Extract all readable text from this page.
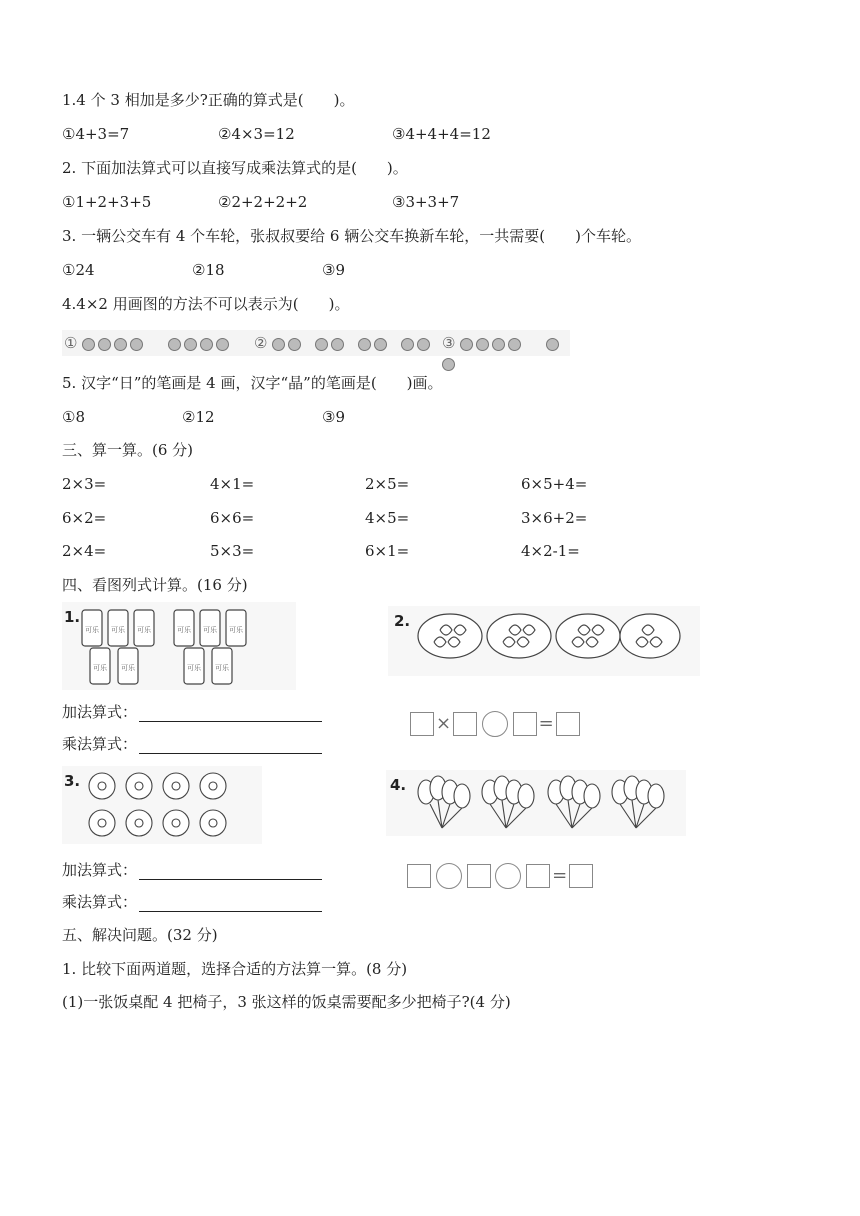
1.4 个 3 相加是多少?正确的算式是(　　)。
①4+3=7	②4×3=12	③4+4+4=12
2. 下面加法算式可以直接写成乘法算式的是(　　)。
①1+2+3+5	②2+2+2+2	③3+3+7
3. 一辆公交车有 4 个车轮，张叔叔要给 6 辆公交车换新车轮，一共需要(　　)个车轮。
①24	②18	③9
4.4×2 用画图的方法不可以表示为(　　)。
①	②	③
5. 汉字“日”的笔画是 4 画，汉字“晶”的笔画是(　　)画。
①8	②12	③9
三、算一算。(6 分)
2×3=	4×1=	2×5=	6×5+4=
6×2=	6×6=	4×5=	3×6+2=
2×4=	5×3=	6×1=	4×2-1=
四、看图列式计算。(16 分)
1.
可乐 可乐 可乐	可乐 可乐 可乐
可乐 可乐	可乐 可乐
加法算式：
乘法算式：
2.
×	=
3.
加法算式：
乘法算式：
4.
=
五、解决问题。(32 分)
1. 比较下面两道题，选择合适的方法算一算。(8 分)
(1)一张饭桌配 4 把椅子，3 张这样的饭桌需要配多少把椅子?(4 分)
